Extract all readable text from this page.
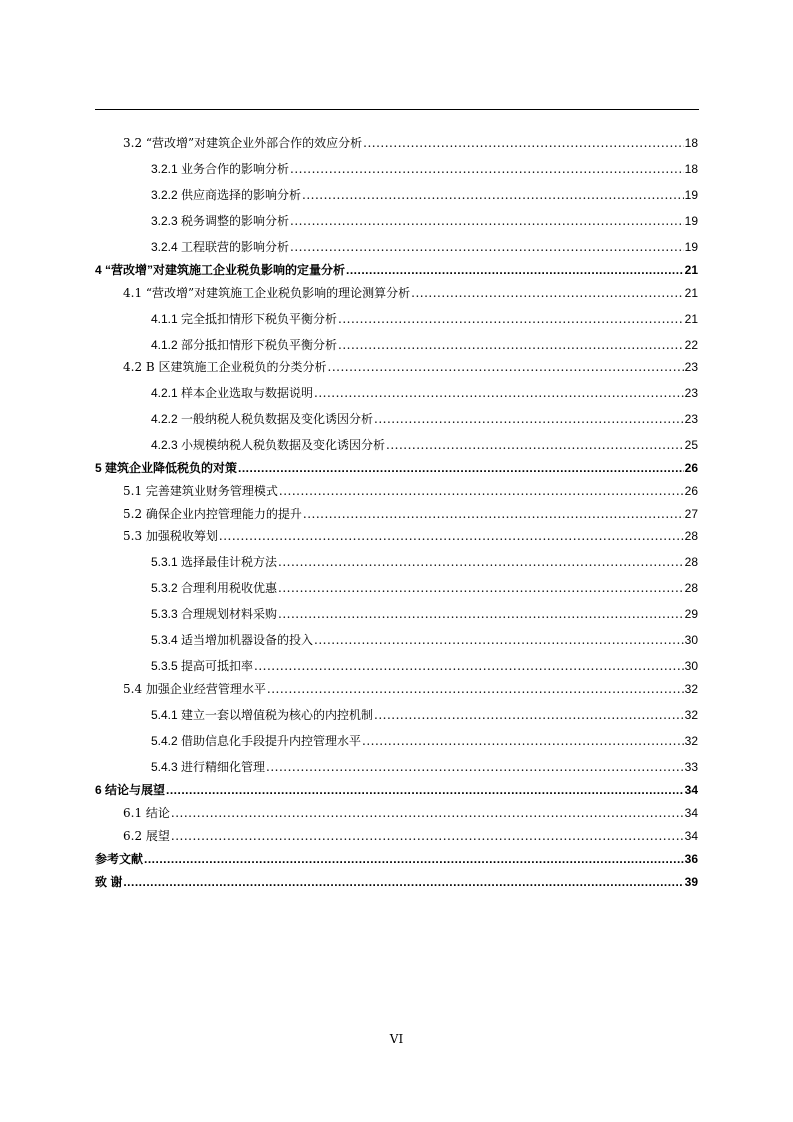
3.2 “营改增”对建筑企业外部合作的效应分析 .....	18
3.2.1 业务合作的影响分析 .....	18
3.2.2 供应商选择的影响分析 .....	19
3.2.3 税务调整的影响分析 .....	19
3.2.4 工程联营的影响分析 .....	19
4 “营改增”对建筑施工企业税负影响的定量分析 .....	21
4.1 “营改增”对建筑施工企业税负影响的理论测算分析 .....	21
4.1.1 完全抵扣情形下税负平衡分析 .....	21
4.1.2 部分抵扣情形下税负平衡分析 .....	22
4.2 B 区建筑施工企业税负的分类分析 .....	23
4.2.1 样本企业选取与数据说明 .....	23
4.2.2 一般纳税人税负数据及变化诱因分析 .....	23
4.2.3 小规模纳税人税负数据及变化诱因分析 .....	25
5 建筑企业降低税负的对策 .....	26
5.1 完善建筑业财务管理模式 .....	26
5.2 确保企业内控管理能力的提升 .....	27
5.3 加强税收筹划 .....	28
5.3.1 选择最佳计税方法 .....	28
5.3.2 合理利用税收优惠 .....	28
5.3.3 合理规划材料采购 .....	29
5.3.4 适当增加机器设备的投入 .....	30
5.3.5 提高可抵扣率 .....	30
5.4 加强企业经营管理水平 .....	32
5.4.1 建立一套以增值税为核心的内控机制 .....	32
5.4.2 借助信息化手段提升内控管理水平 .....	32
5.4.3 进行精细化管理 .....	33
6 结论与展望 .....	34
6.1 结论 .....	34
6.2 展望 .....	34
参考文献 .....	36
致 谢 .....	39
VI
